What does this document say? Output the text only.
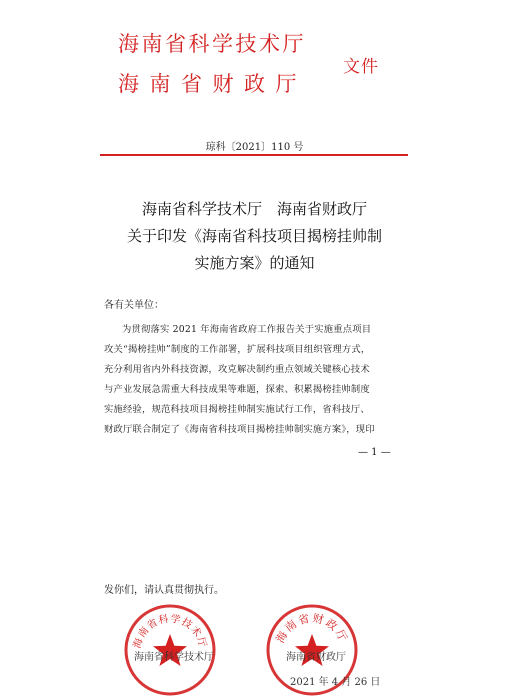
海南省科学技术厅
海南省财政厅
文件
琼科〔2021〕110 号
海南省科学技术厅　海南省财政厅
关于印发《海南省科技项目揭榜挂帅制
实施方案》的通知
各有关单位：
为贯彻落实 2021 年海南省政府工作报告关于实施重点项目
攻关“揭榜挂帅”制度的工作部署，扩展科技项目组织管理方式，
充分利用省内外科技资源，攻克解决制约重点领域关键核心技术
与产业发展急需重大科技成果等难题，探索、积累揭榜挂帅制度
实施经验，规范科技项目揭榜挂帅制实施试行工作，省科技厅、
财政厅联合制定了《海南省科技项目揭榜挂帅制实施方案》，现印
— 1 —
发你们，请认真贯彻执行。
海南省科学技术厅	海南省财政厅
海南省科学技术厅	海南省财政厅
2021 年 4 月 26 日
